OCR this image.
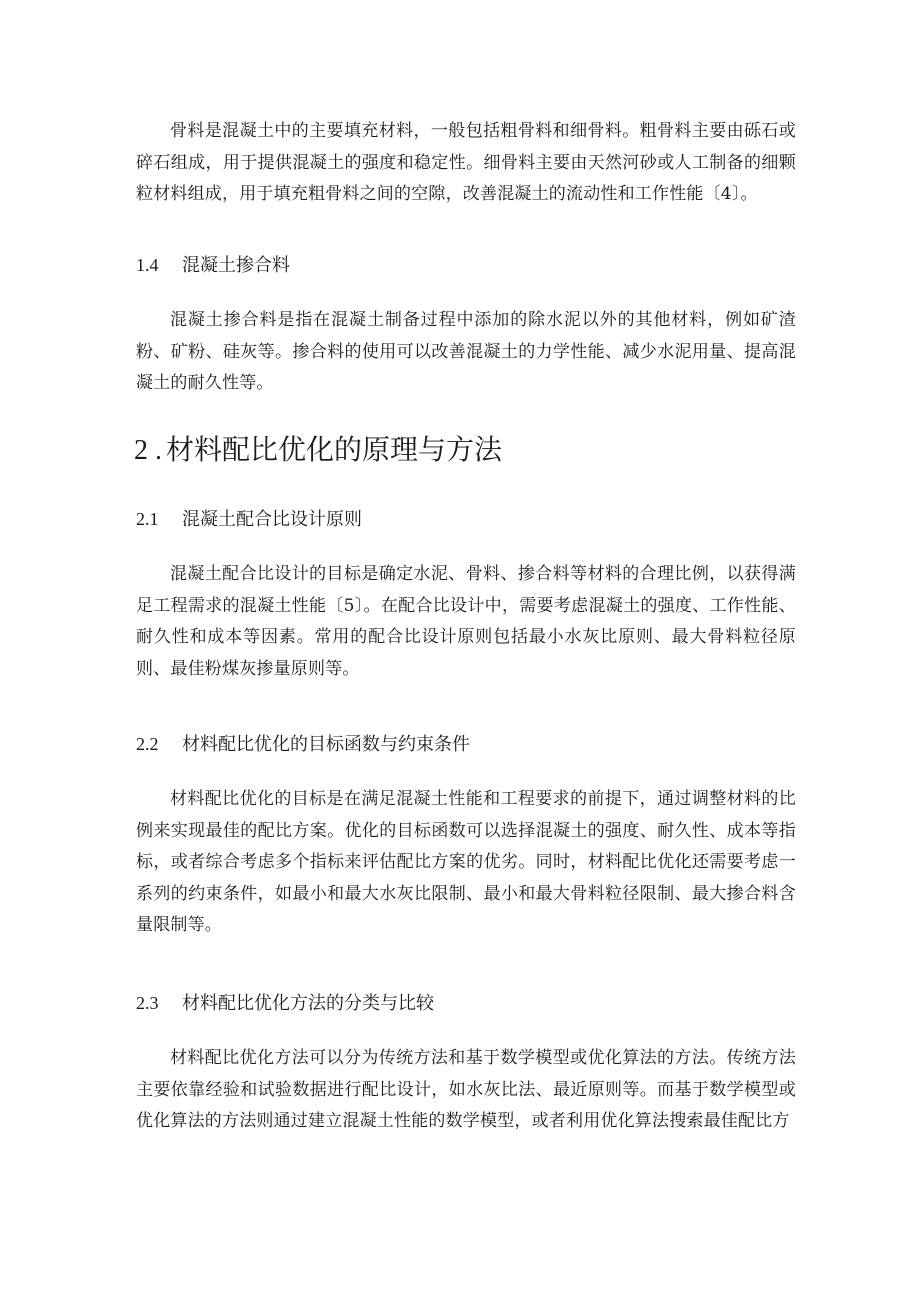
骨料是混凝土中的主要填充材料，一般包括粗骨料和细骨料。粗骨料主要由砾石或碎石组成，用于提供混凝土的强度和稳定性。细骨料主要由天然河砂或人工制备的细颗粒材料组成，用于填充粗骨料之间的空隙，改善混凝土的流动性和工作性能〔4〕。

1.4 混凝土掺合料

混凝土掺合料是指在混凝土制备过程中添加的除水泥以外的其他材料，例如矿渣粉、矿粉、硅灰等。掺合料的使用可以改善混凝土的力学性能、减少水泥用量、提高混凝土的耐久性等。

2 . 材料配比优化的原理与方法
2.1 混凝土配合比设计原则

混凝土配合比设计的目标是确定水泥、骨料、掺合料等材料的合理比例，以获得满足工程需求的混凝土性能〔5〕。在配合比设计中，需要考虑混凝土的强度、工作性能、耐久性和成本等因素。常用的配合比设计原则包括最小水灰比原则、最大骨料粒径原则、最佳粉煤灰掺量原则等。

2.2 材料配比优化的目标函数与约束条件

材料配比优化的目标是在满足混凝土性能和工程要求的前提下，通过调整材料的比例来实现最佳的配比方案。优化的目标函数可以选择混凝土的强度、耐久性、成本等指标，或者综合考虑多个指标来评估配比方案的优劣。同时，材料配比优化还需要考虑一系列的约束条件，如最小和最大水灰比限制、最小和最大骨料粒径限制、最大掺合料含量限制等。

2.3 材料配比优化方法的分类与比较

材料配比优化方法可以分为传统方法和基于数学模型或优化算法的方法。传统方法主要依靠经验和试验数据进行配比设计，如水灰比法、最近原则等。而基于数学模型或优化算法的方法则通过建立混凝土性能的数学模型，或者利用优化算法搜索最佳配比方
